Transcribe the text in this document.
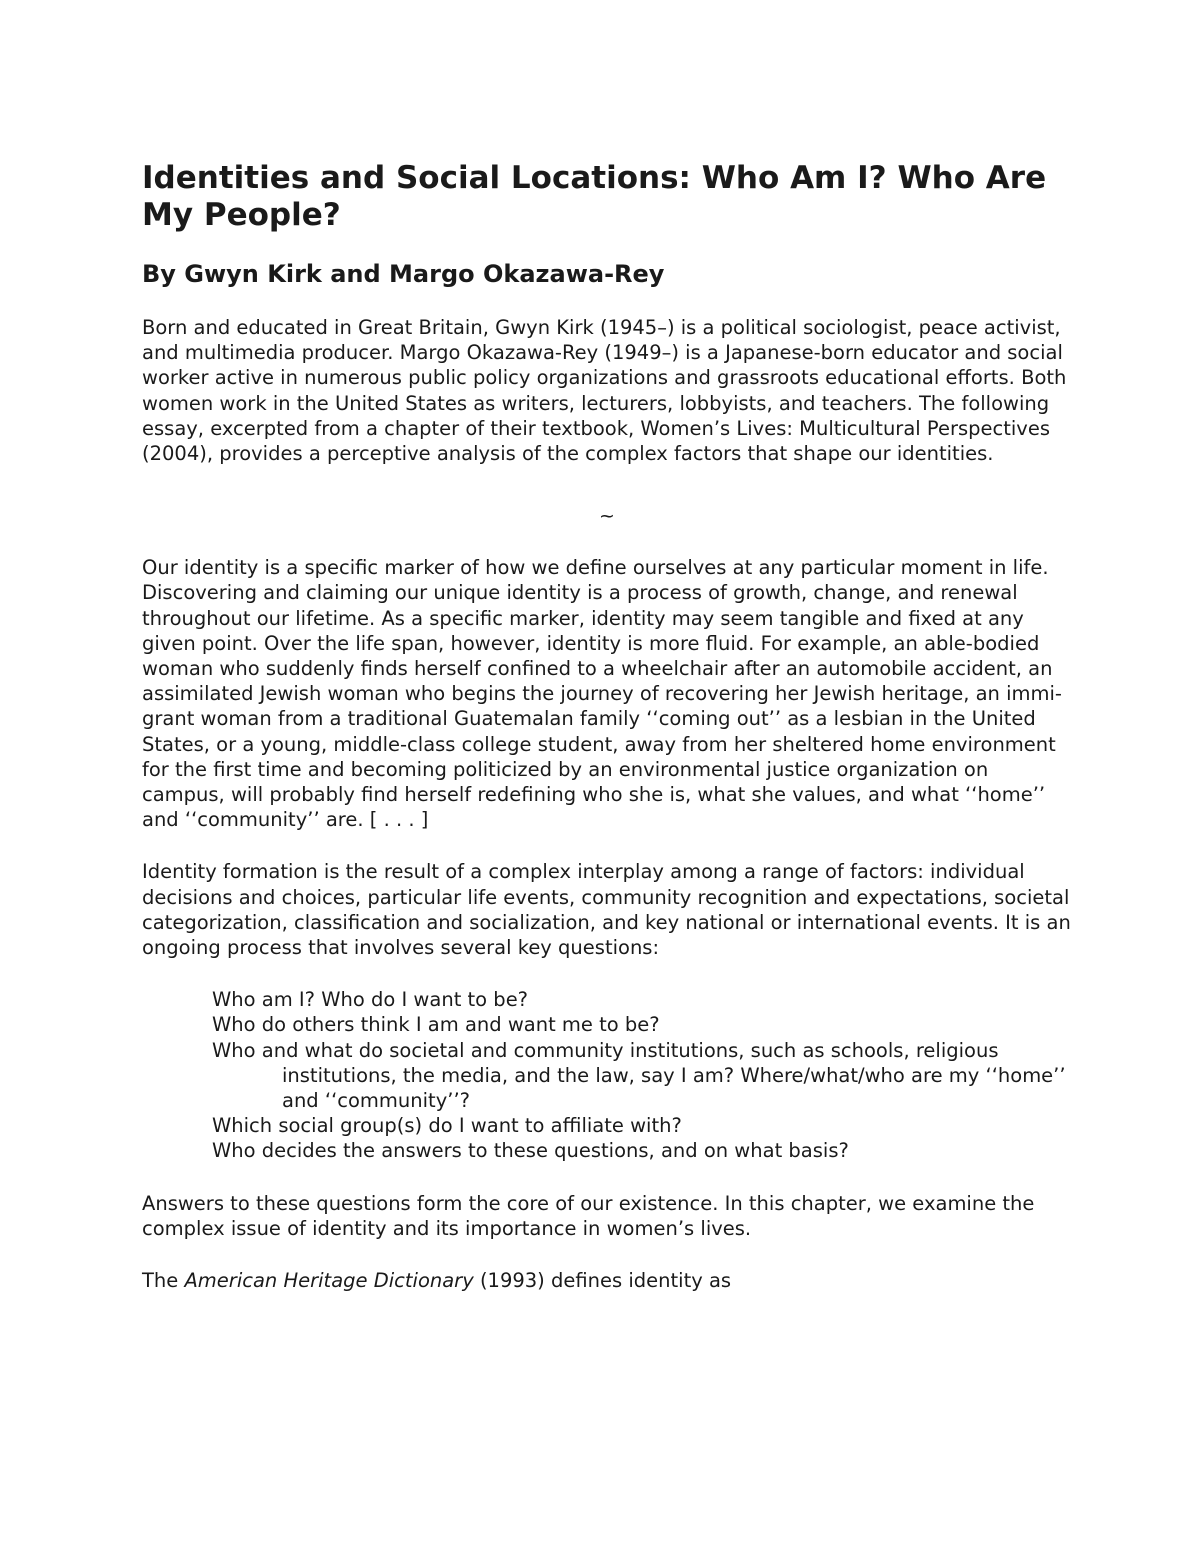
Identities and Social Locations: Who Am I? Who Are My People?
By Gwyn Kirk and Margo Okazawa-Rey

Born and educated in Great Britain, Gwyn Kirk (1945–) is a political sociologist, peace activist, and multimedia producer. Margo Okazawa-Rey (1949–) is a Japanese-born educator and social worker active in numerous public policy organizations and grassroots educational efforts. Both women work in the United States as writers, lecturers, lobbyists, and teachers. The following essay, excerpted from a chapter of their textbook, Women’s Lives: Multicultural Perspectives (2004), provides a perceptive analysis of the complex factors that shape our identities.

~

Our identity is a specific marker of how we define ourselves at any particular moment in life. Discovering and claiming our unique identity is a process of growth, change, and renewal throughout our lifetime. As a specific marker, identity may seem tangible and fixed at any given point. Over the life span, however, identity is more fluid. For example, an able-bodied woman who suddenly finds herself confined to a wheelchair after an automobile accident, an assimilated Jewish woman who begins the journey of recovering her Jewish heritage, an immi- grant woman from a traditional Guatemalan family ‘‘coming out’’ as a lesbian in the United States, or a young, middle-class college student, away from her sheltered home environment for the first time and becoming politicized by an environmental justice organization on campus, will probably find herself redefining who she is, what she values, and what ‘‘home’’ and ‘‘community’’ are. [ . . . ]

Identity formation is the result of a complex interplay among a range of factors: individual decisions and choices, particular life events, community recognition and expectations, societal categorization, classification and socialization, and key national or international events. It is an ongoing process that involves several key questions:

Who am I? Who do I want to be?
Who do others think I am and want me to be?
Who and what do societal and community institutions, such as schools, religious
institutions, the media, and the law, say I am? Where/what/who are my ‘‘home’’ and ‘‘community’’?
Which social group(s) do I want to affiliate with?
Who decides the answers to these questions, and on what basis?

Answers to these questions form the core of our existence. In this chapter, we examine the complex issue of identity and its importance in women’s lives.

The American Heritage Dictionary (1993) defines identity as
